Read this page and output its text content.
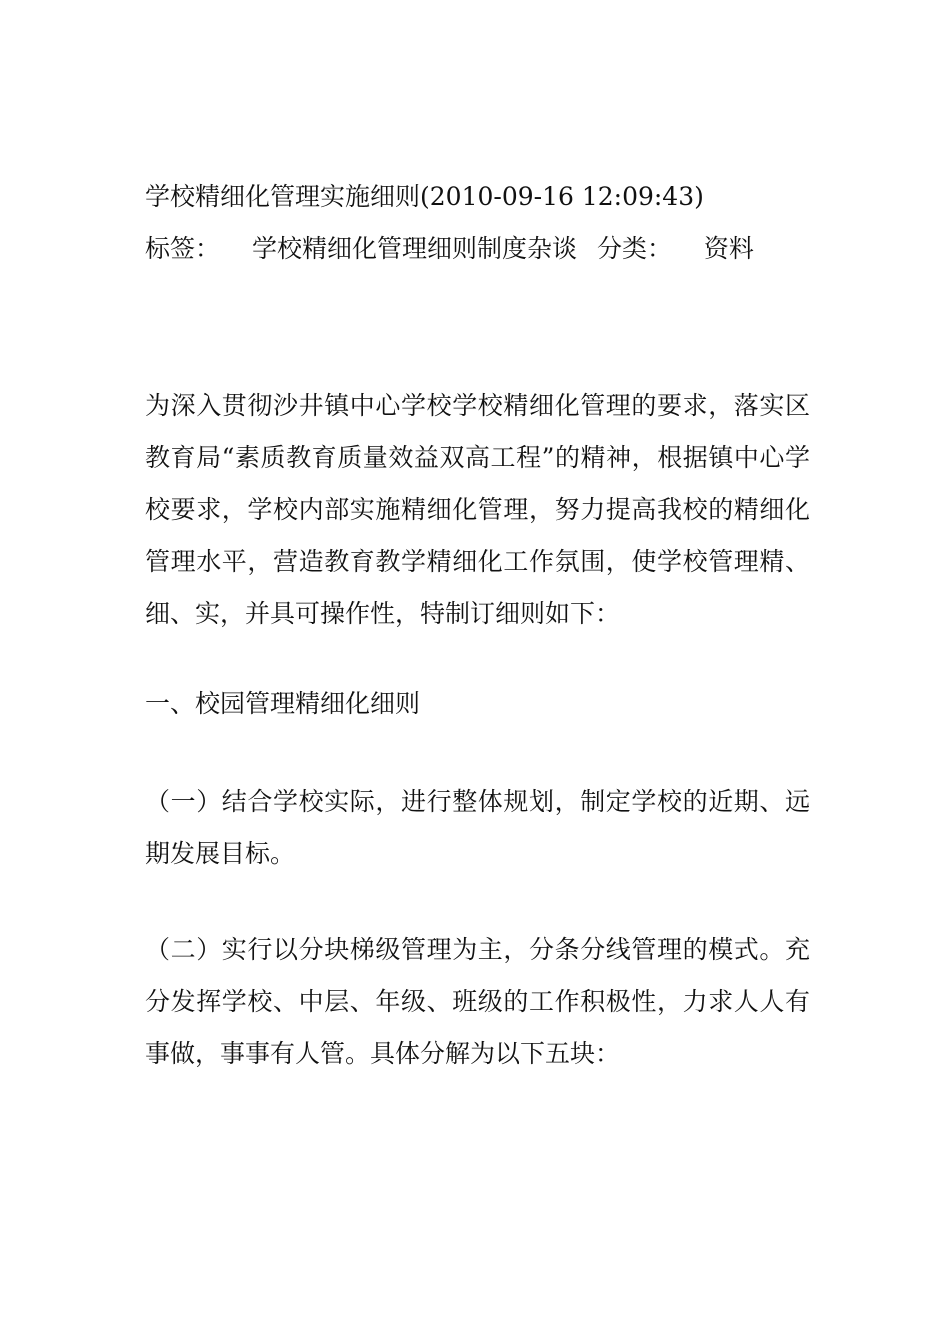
学校精细化管理实施细则(2010-09-16 12:09:43)
标签： 学校精细化管理细则制度杂谈 分类： 资料
为深入贯彻沙井镇中心学校学校精细化管理的要求，落实区教育局“素质教育质量效益双高工程”的精神，根据镇中心学校要求，学校内部实施精细化管理，努力提高我校的精细化管理水平，营造教育教学精细化工作氛围，使学校管理精、细、实，并具可操作性，特制订细则如下：
一、校园管理精细化细则
（一）结合学校实际，进行整体规划，制定学校的近期、远期发展目标。
（二）实行以分块梯级管理为主，分条分线管理的模式。充分发挥学校、中层、年级、班级的工作积极性，力求人人有事做，事事有人管。具体分解为以下五块：
